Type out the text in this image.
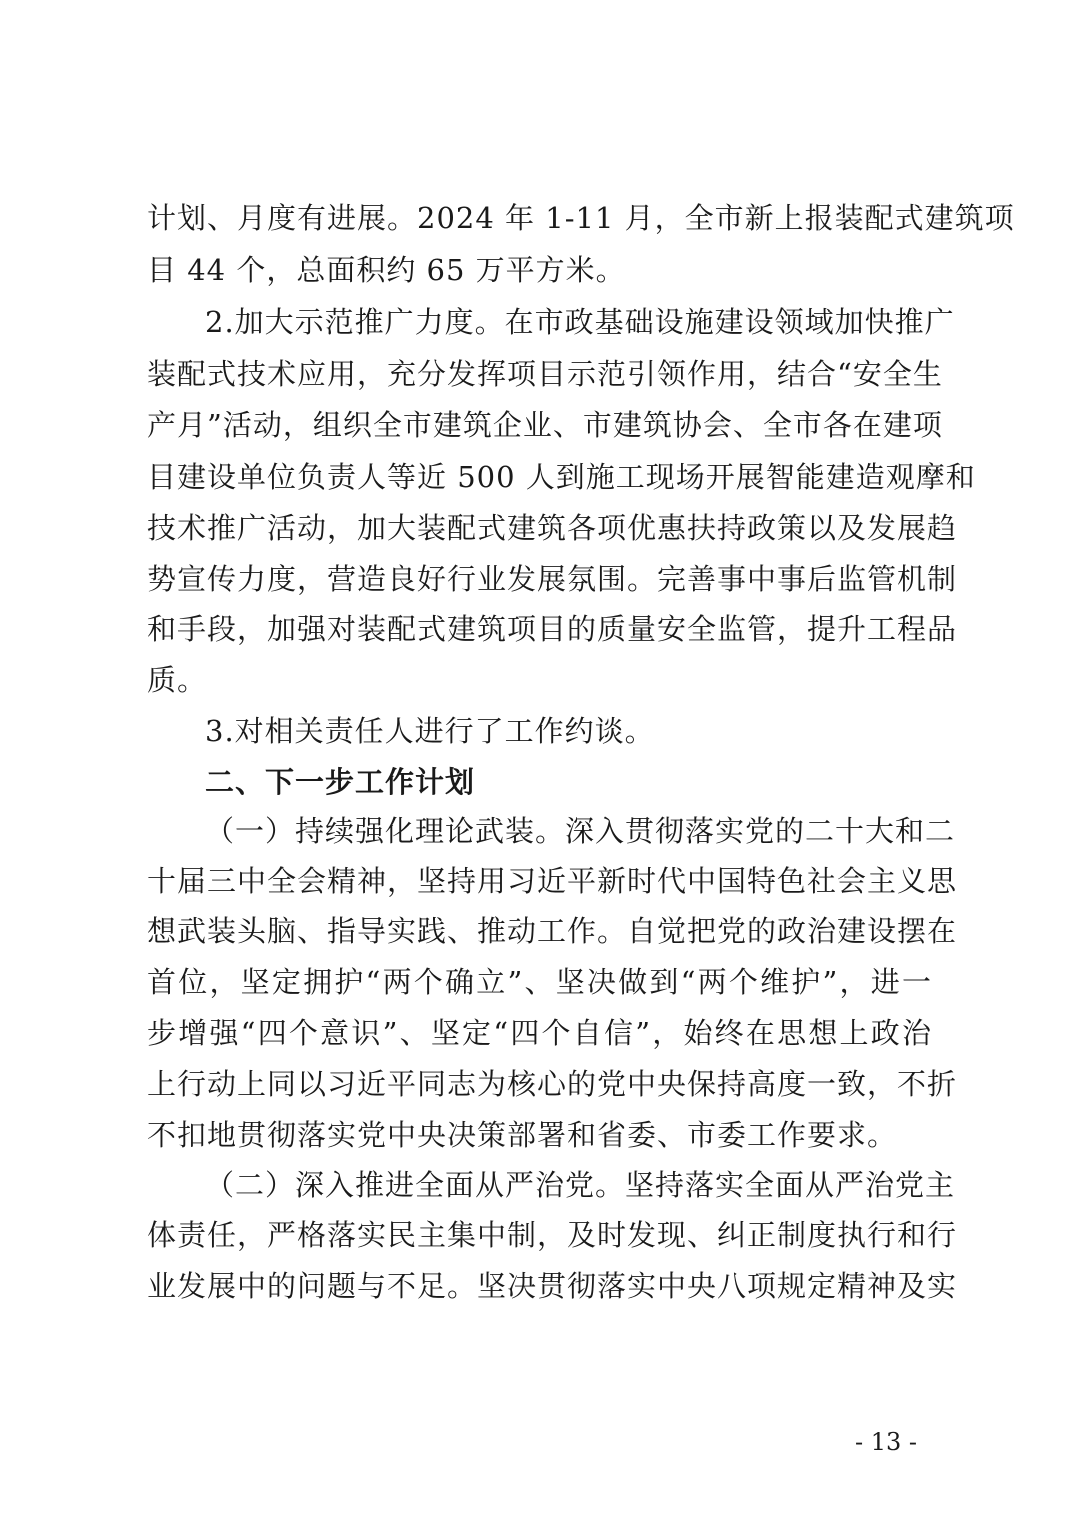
计划、月度有进展。2024 年 1-11 月，全市新上报装配式建筑项
目 44 个，总面积约 65 万平方米。
2.加大示范推广力度。在市政基础设施建设领域加快推广
装配式技术应用，充分发挥项目示范引领作用，结合“安全生
产月”活动，组织全市建筑企业、市建筑协会、全市各在建项
目建设单位负责人等近 500 人到施工现场开展智能建造观摩和
技术推广活动，加大装配式建筑各项优惠扶持政策以及发展趋
势宣传力度，营造良好行业发展氛围。完善事中事后监管机制
和手段，加强对装配式建筑项目的质量安全监管，提升工程品
质。
3.对相关责任人进行了工作约谈。
二、下一步工作计划
（一）持续强化理论武装。深入贯彻落实党的二十大和二
十届三中全会精神，坚持用习近平新时代中国特色社会主义思
想武装头脑、指导实践、推动工作。自觉把党的政治建设摆在
首位，坚定拥护“两个确立”、坚决做到“两个维护”，进一
步增强“四个意识”、坚定“四个自信”，始终在思想上政治
上行动上同以习近平同志为核心的党中央保持高度一致，不折
不扣地贯彻落实党中央决策部署和省委、市委工作要求。
（二）深入推进全面从严治党。坚持落实全面从严治党主
体责任，严格落实民主集中制，及时发现、纠正制度执行和行
业发展中的问题与不足。坚决贯彻落实中央八项规定精神及实
- 13 -
